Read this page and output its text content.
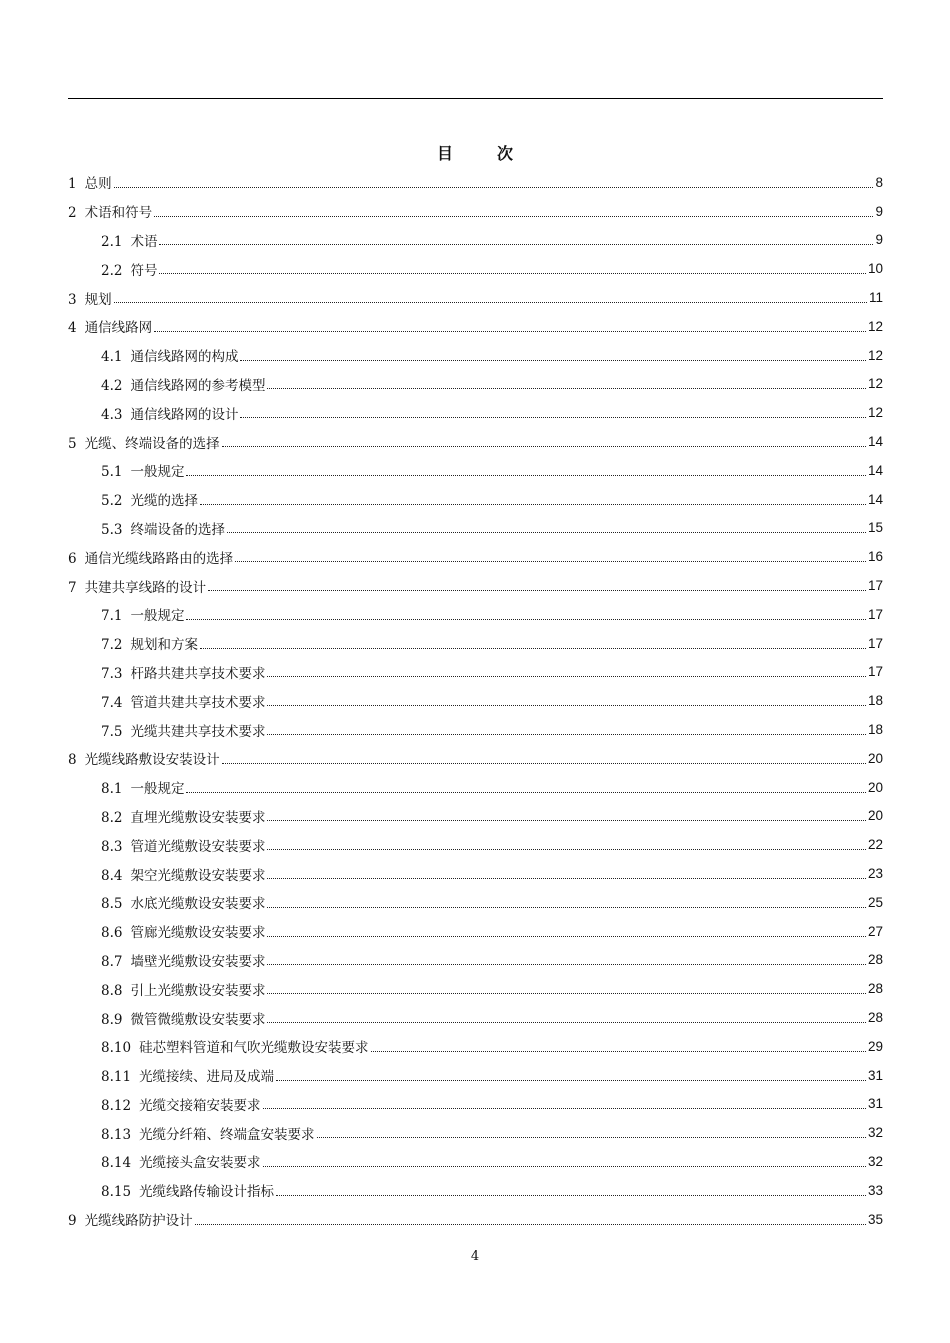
目　次
1 总则	8
2 术语和符号	9
2.1 术语	9
2.2 符号	10
3 规划	11
4 通信线路网	12
4.1 通信线路网的构成	12
4.2 通信线路网的参考模型	12
4.3 通信线路网的设计	12
5 光缆、终端设备的选择	14
5.1 一般规定	14
5.2 光缆的选择	14
5.3 终端设备的选择	15
6 通信光缆线路路由的选择	16
7 共建共享线路的设计	17
7.1 一般规定	17
7.2 规划和方案	17
7.3 杆路共建共享技术要求	17
7.4 管道共建共享技术要求	18
7.5 光缆共建共享技术要求	18
8 光缆线路敷设安装设计	20
8.1 一般规定	20
8.2 直埋光缆敷设安装要求	20
8.3 管道光缆敷设安装要求	22
8.4 架空光缆敷设安装要求	23
8.5 水底光缆敷设安装要求	25
8.6 管廊光缆敷设安装要求	27
8.7 墙壁光缆敷设安装要求	28
8.8 引上光缆敷设安装要求	28
8.9 微管微缆敷设安装要求	28
8.10 硅芯塑料管道和气吹光缆敷设安装要求	29
8.11 光缆接续、进局及成端	31
8.12 光缆交接箱安装要求	31
8.13 光缆分纤箱、终端盒安装要求	32
8.14 光缆接头盒安装要求	32
8.15 光缆线路传输设计指标	33
9 光缆线路防护设计	35
4
